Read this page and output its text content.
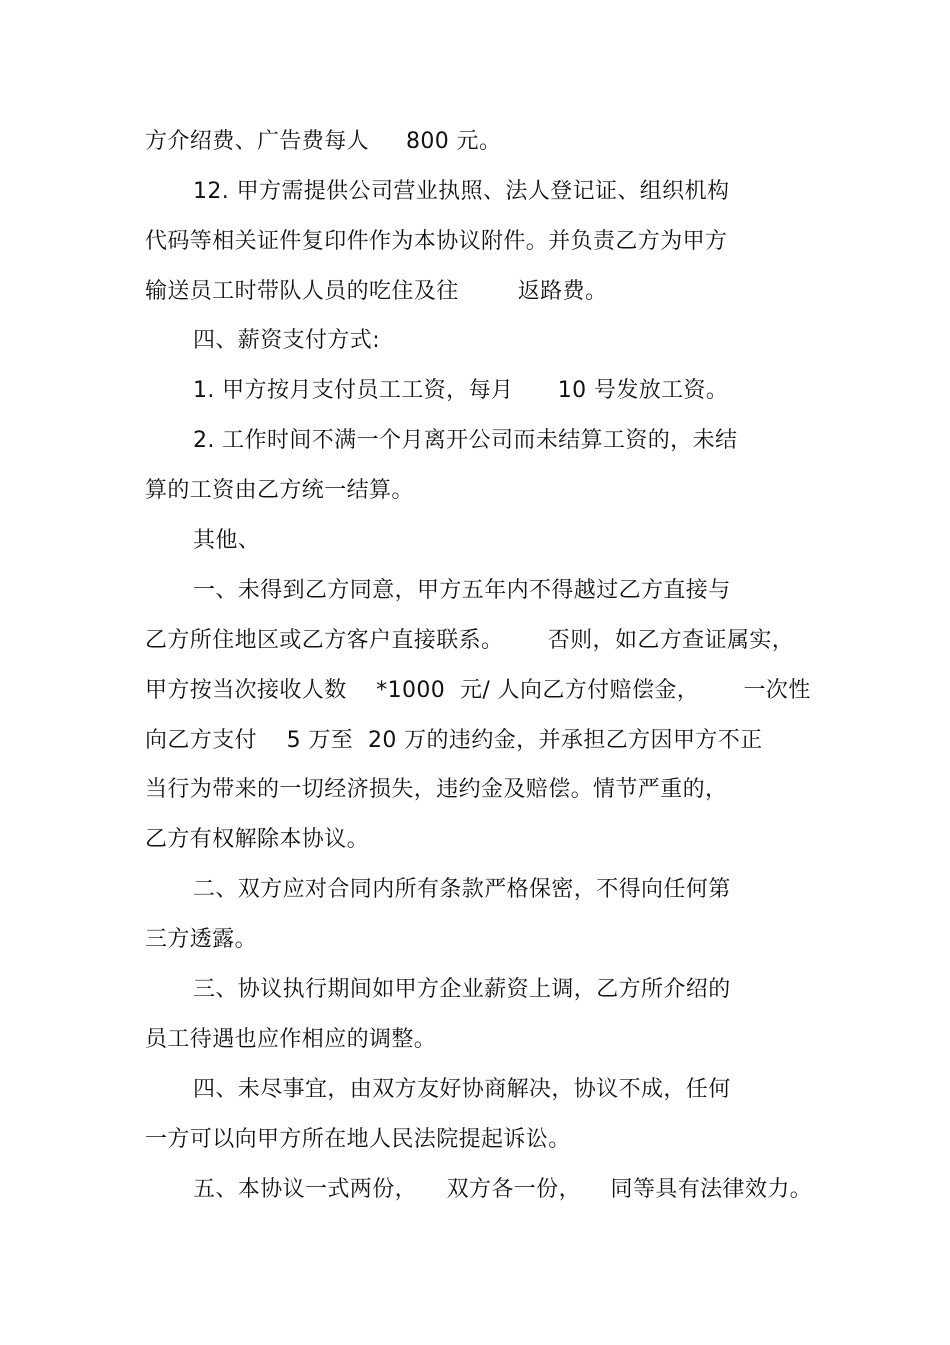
方介绍费、广告费每人     800 元。
12. 甲方需提供公司营业执照、法人登记证、组织机构
代码等相关证件复印件作为本协议附件。并负责乙方为甲方
输送员工时带队人员的吃住及往        返路费。
四、薪资支付方式:
1. 甲方按月支付员工工资，每月      10 号发放工资。
2. 工作时间不满一个月离开公司而未结算工资的，未结
算的工资由乙方统一结算。
其他、
一、未得到乙方同意，甲方五年内不得越过乙方直接与
乙方所住地区或乙方客户直接联系。      否则，如乙方查证属实，
甲方按当次接收人数    *1000  元/ 人向乙方付赔偿金，      一次性
向乙方支付    5 万至  20 万的违约金，并承担乙方因甲方不正
当行为带来的一切经济损失，违约金及赔偿。情节严重的，
乙方有权解除本协议。
二、双方应对合同内所有条款严格保密，不得向任何第
三方透露。
三、协议执行期间如甲方企业薪资上调，乙方所介绍的
员工待遇也应作相应的调整。
四、未尽事宜，由双方友好协商解决，协议不成，任何
一方可以向甲方所在地人民法院提起诉讼。
五、本协议一式两份，    双方各一份，    同等具有法律效力。
